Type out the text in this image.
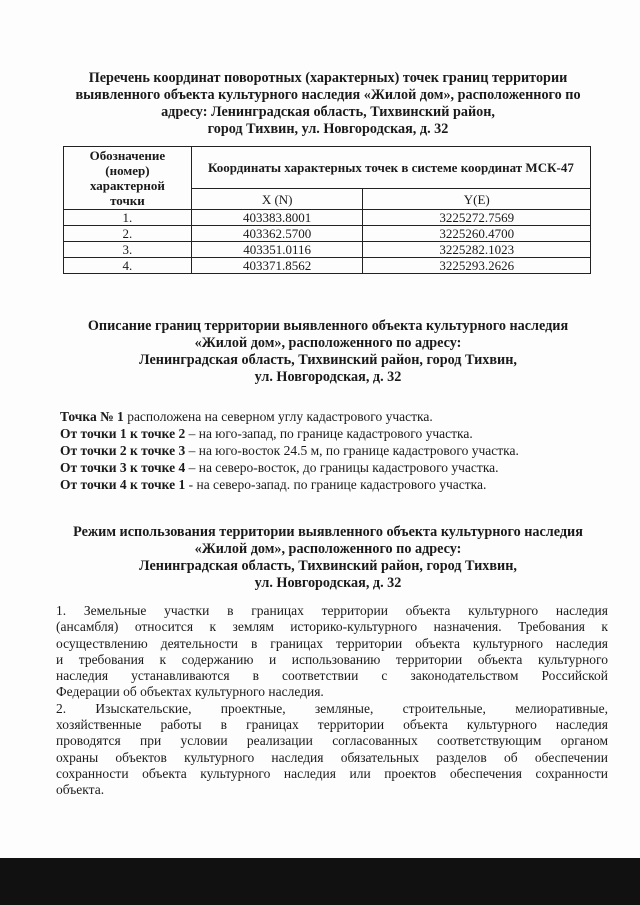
Перечень координат поворотных (характерных) точек границ территории
выявленного объекта культурного наследия «Жилой дом», расположенного по
адресу: Ленинградская область, Тихвинский район,
город Тихвин, ул. Новгородская, д. 32
Обозначение
(номер)
характерной
точки	Координаты характерных точек в системе координат МСК-47	
	X (N)	Y(E)
1.	403383.8001	3225272.7569
2.	403362.5700	3225260.4700
3.	403351.0116	3225282.1023
4.	403371.8562	3225293.2626
Описание границ территории выявленного объекта культурного наследия
«Жилой дом», расположенного по адресу:
Ленинградская область, Тихвинский район, город Тихвин,
ул. Новгородская, д. 32
Точка № 1 расположена на северном углу кадастрового участка.
От точки 1 к точке 2 – на юго-запад, по границе кадастрового участка.
От точки 2 к точке 3 – на юго-восток 24.5 м, по границе кадастрового участка.
От точки 3 к точке 4 – на северо-восток, до границы кадастрового участка.
От точки 4 к точке 1 - на северо-запад. по границе кадастрового участка.
Режим использования территории выявленного объекта культурного наследия
«Жилой дом», расположенного по адресу:
Ленинградская область, Тихвинский район, город Тихвин,
ул. Новгородская, д. 32

1. Земельные участки в границах территории объекта культурного наследия
(ансамбля) относится к землям историко-культурного назначения. Требования к
осуществлению деятельности в границах территории объекта культурного наследия
и требования к содержанию и использованию территории объекта культурного
наследия устанавливаются в соответствии с законодательством Российской
Федерации об объектах культурного наследия.

2. Изыскательские, проектные, земляные, строительные, мелиоративные,
хозяйственные работы в границах территории объекта культурного наследия
проводятся при условии реализации согласованных соответствующим органом
охраны объектов культурного наследия обязательных разделов об обеспечении
сохранности объекта культурного наследия или проектов обеспечения сохранности
объекта.
